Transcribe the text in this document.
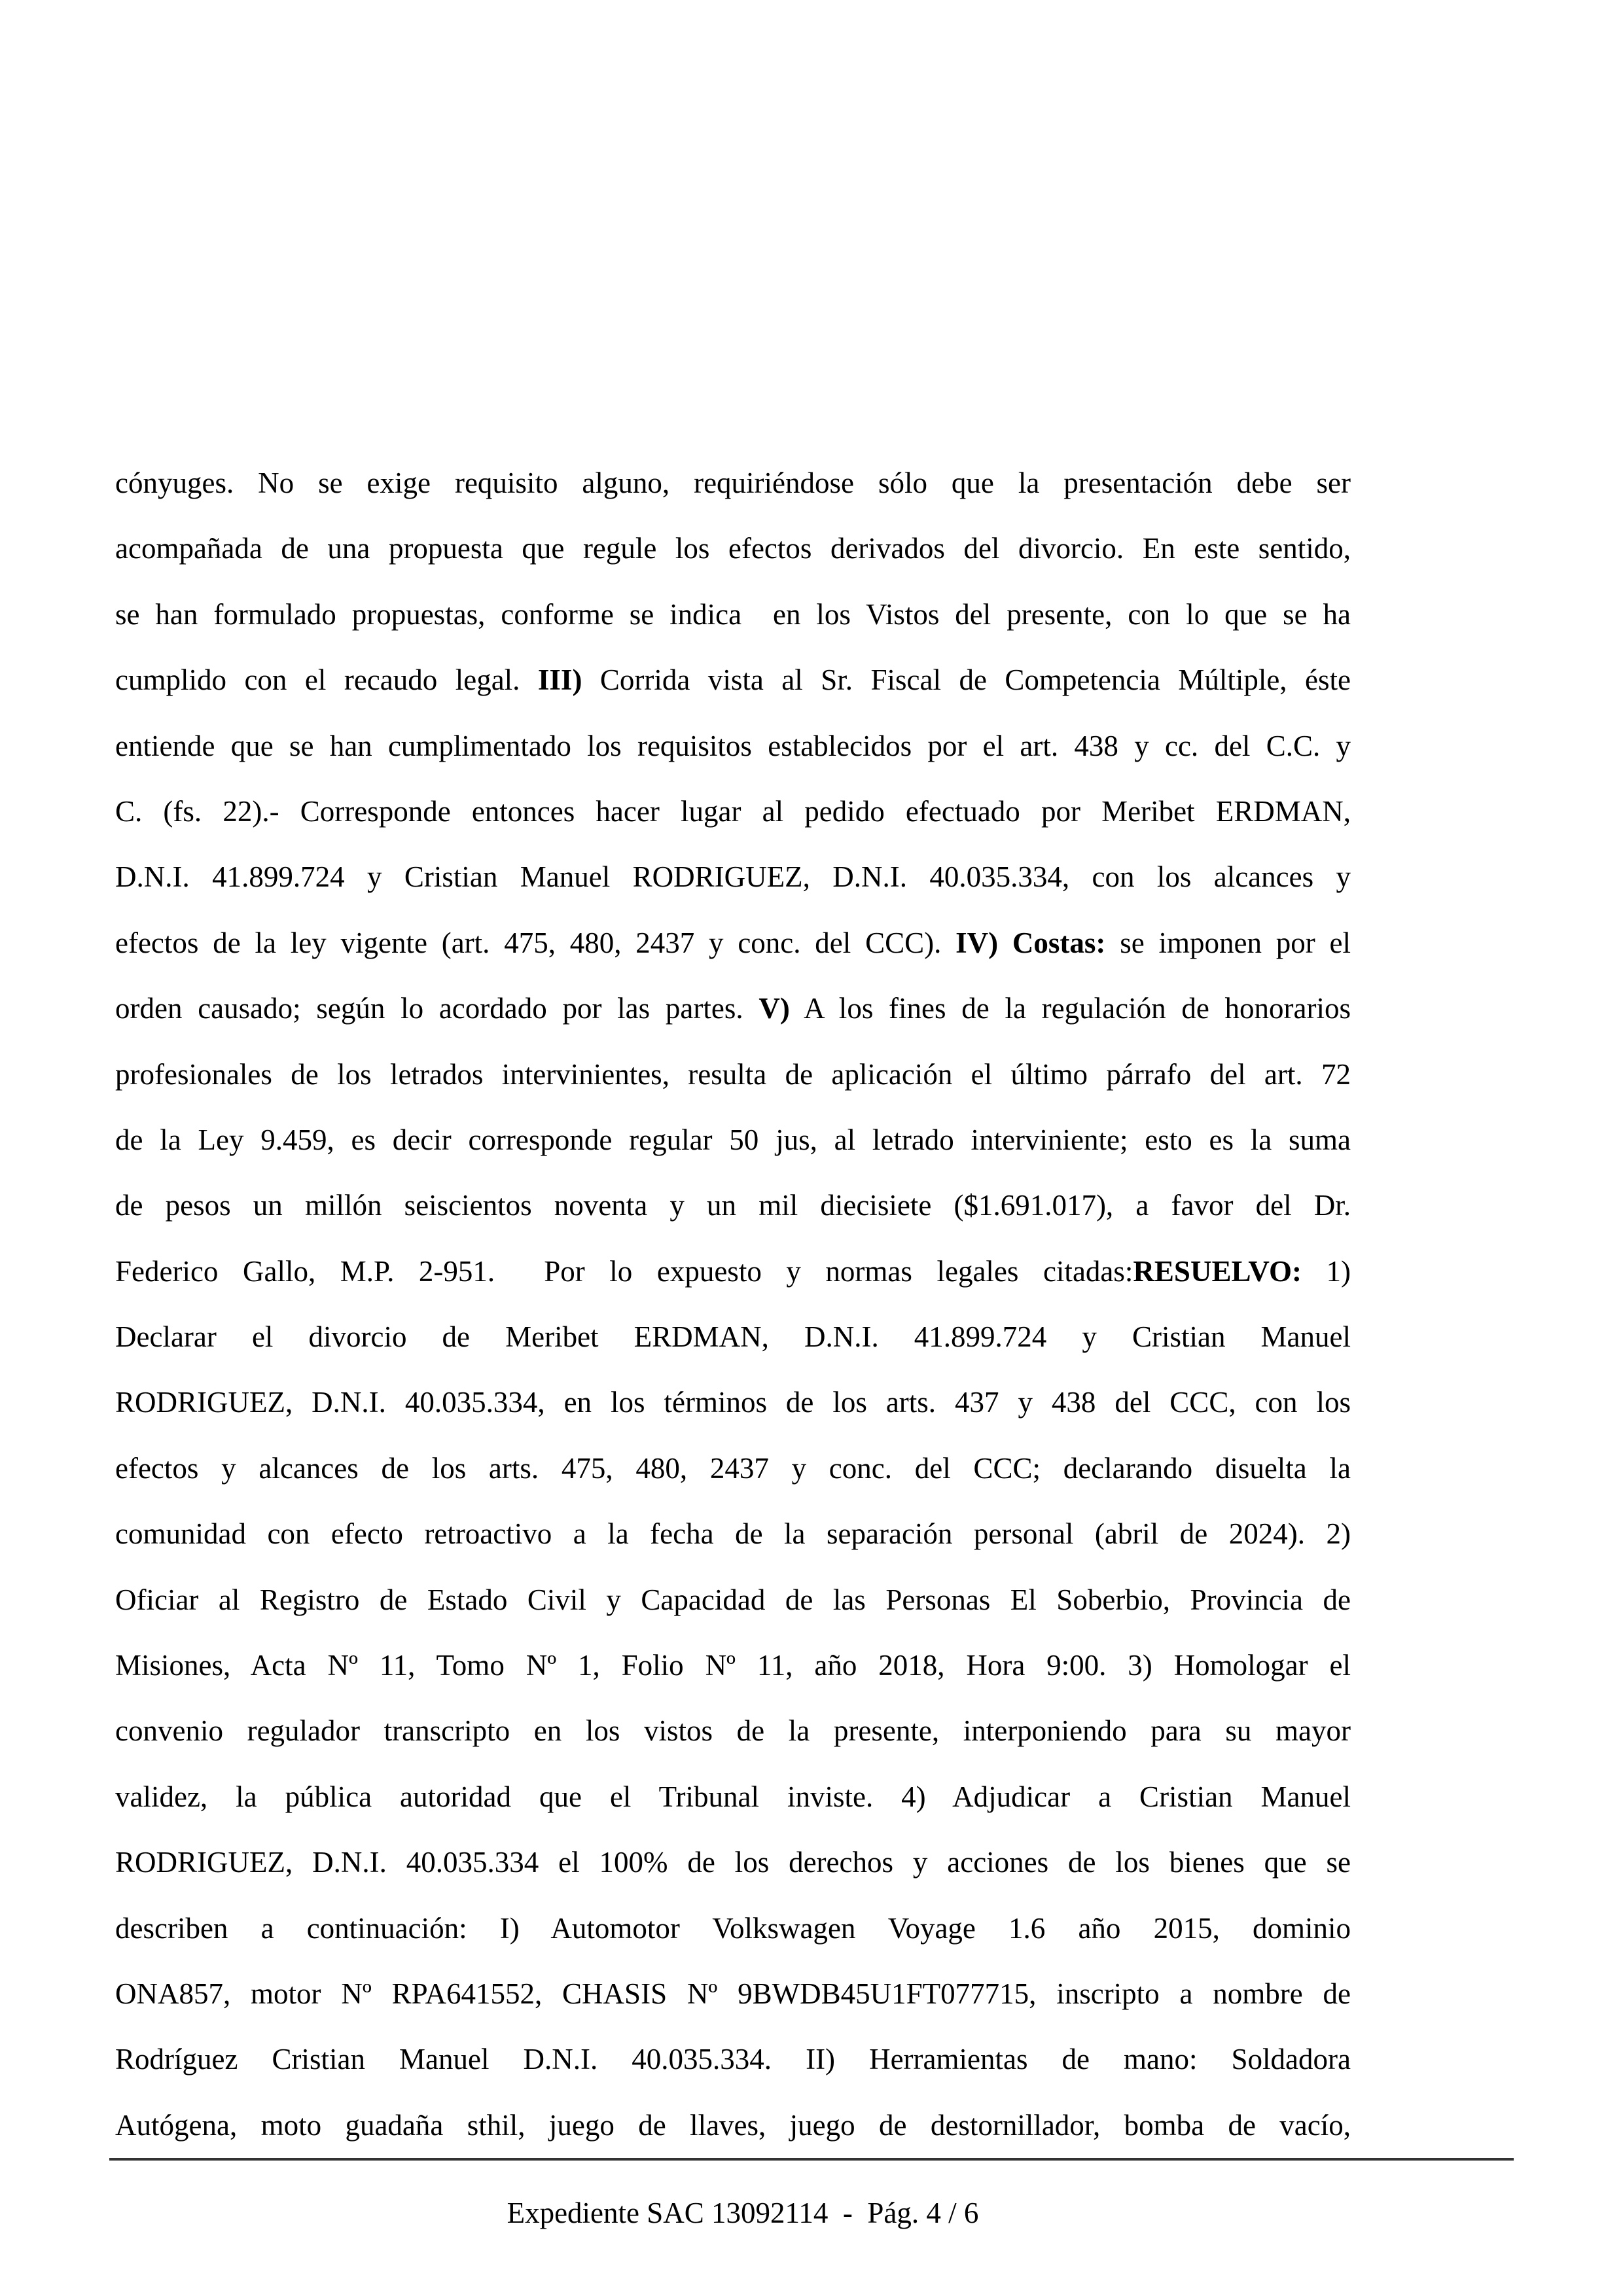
cónyuges. No se exige requisito alguno, requiriéndose sólo que la presentación debe ser
acompañada de una propuesta que regule los efectos derivados del divorcio. En este sentido,
se han formulado propuestas, conforme se indica  en los Vistos del presente, con lo que se ha
cumplido con el recaudo legal. III) Corrida vista al Sr. Fiscal de Competencia Múltiple, éste
entiende que se han cumplimentado los requisitos establecidos por el art. 438 y cc. del C.C. y
C. (fs. 22).- Corresponde entonces hacer lugar al pedido efectuado por Meribet ERDMAN,
D.N.I. 41.899.724 y Cristian Manuel RODRIGUEZ, D.N.I. 40.035.334, con los alcances y
efectos de la ley vigente (art. 475, 480, 2437 y conc. del CCC). IV) Costas: se imponen por el
orden causado; según lo acordado por las partes. V) A los fines de la regulación de honorarios
profesionales de los letrados intervinientes, resulta de aplicación el último párrafo del art. 72
de la Ley 9.459, es decir corresponde regular 50 jus, al letrado interviniente; esto es la suma
de pesos un millón seiscientos noventa y un mil diecisiete ($1.691.017), a favor del Dr.
Federico Gallo, M.P. 2-951.  Por lo expuesto y normas legales citadas:RESUELVO: 1)
Declarar el divorcio de Meribet ERDMAN, D.N.I. 41.899.724 y Cristian Manuel
RODRIGUEZ, D.N.I. 40.035.334, en los términos de los arts. 437 y 438 del CCC, con los
efectos y alcances de los arts. 475, 480, 2437 y conc. del CCC; declarando disuelta la
comunidad con efecto retroactivo a la fecha de la separación personal (abril de 2024). 2)
Oficiar al Registro de Estado Civil y Capacidad de las Personas El Soberbio, Provincia de
Misiones, Acta Nº 11, Tomo Nº 1, Folio Nº 11, año 2018, Hora 9:00. 3) Homologar el
convenio regulador transcripto en los vistos de la presente, interponiendo para su mayor
validez, la pública autoridad que el Tribunal inviste. 4) Adjudicar a Cristian Manuel
RODRIGUEZ, D.N.I. 40.035.334 el 100% de los derechos y acciones de los bienes que se
describen a continuación: I) Automotor Volkswagen Voyage 1.6 año 2015, dominio
ONA857, motor Nº RPA641552, CHASIS Nº 9BWDB45U1FT077715, inscripto a nombre de
Rodríguez Cristian Manuel D.N.I. 40.035.334. II) Herramientas de mano: Soldadora
Autógena, moto guadaña sthil, juego de llaves, juego de destornillador, bomba de vacío,
Expediente SAC 13092114  -  Pág. 4 / 6
